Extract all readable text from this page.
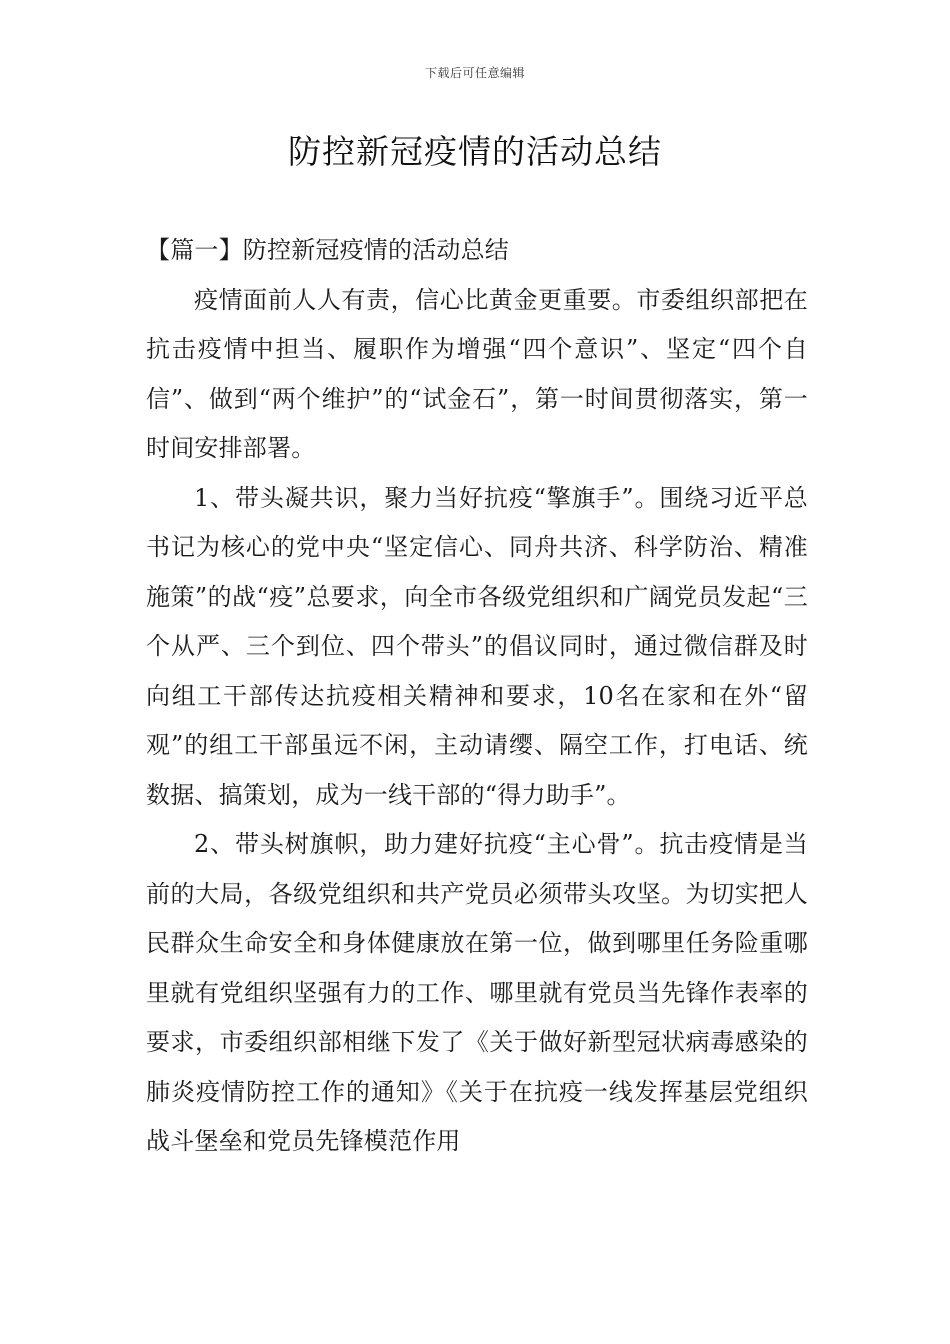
下载后可任意编辑
防控新冠疫情的活动总结

【篇一】防控新冠疫情的活动总结

疫情面前人人有责，信心比黄金更重要。市委组织部把在抗击疫情中担当、履职作为增强“四个意识”、坚定“四个自信”、做到“两个维护”的“试金石”，第一时间贯彻落实，第一时间安排部署。

1、带头凝共识，聚力当好抗疫“擎旗手”。围绕习近平总书记为核心的党中央“坚定信心、同舟共济、科学防治、精准施策”的战“疫”总要求，向全市各级党组织和广阔党员发起“三个从严、三个到位、四个带头”的倡议同时，通过微信群及时向组工干部传达抗疫相关精神和要求，10名在家和在外“留观”的组工干部虽远不闲，主动请缨、隔空工作，打电话、统数据、搞策划，成为一线干部的“得力助手”。

2、带头树旗帜，助力建好抗疫“主心骨”。抗击疫情是当前的大局，各级党组织和共产党员必须带头攻坚。为切实把人民群众生命安全和身体健康放在第一位，做到哪里任务险重哪里就有党组织坚强有力的工作、哪里就有党员当先锋作表率的要求，市委组织部相继下发了《关于做好新型冠状病毒感染的肺炎疫情防控工作的通知》《关于在抗疫一线发挥基层党组织战斗堡垒和党员先锋模范作用
